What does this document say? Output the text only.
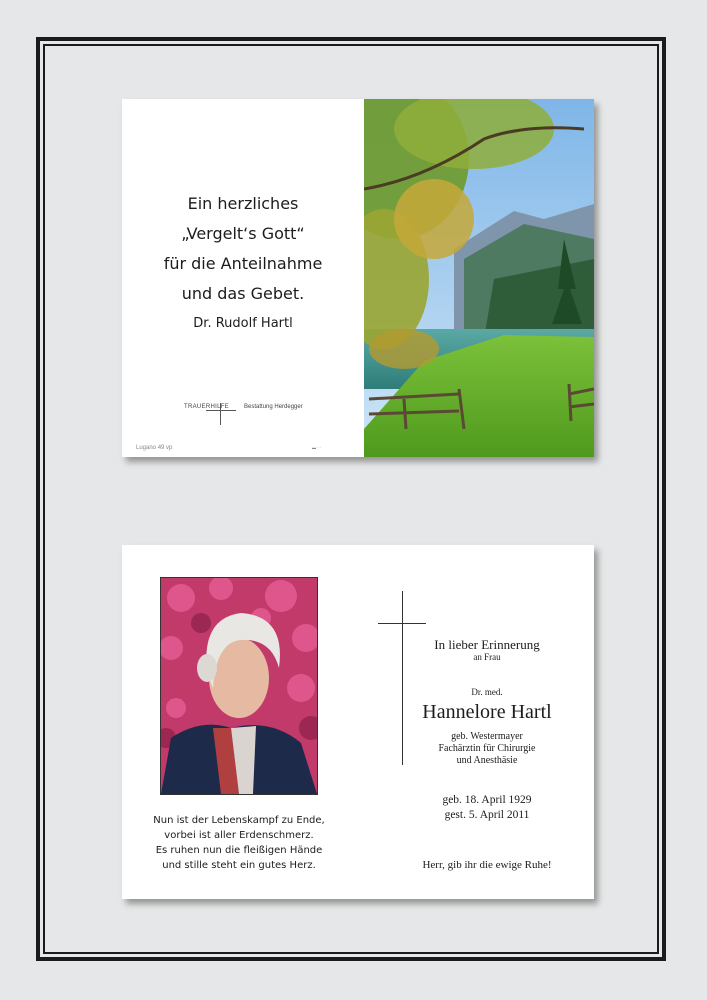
Ein herzliches
„Vergelt‘s Gott“
für die Anteilnahme
und das Gebet.
Dr. Rudolf Hartl
TRAUERHILFE	Bestattung Herdegger
Lugano 49 vp	▬ ···
Nun ist der Lebenskampf zu Ende,
vorbei ist aller Erdenschmerz.
Es ruhen nun die fleißigen Hände
und stille steht ein gutes Herz.
In lieber Erinnerung
an Frau
Dr. med.
Hannelore Hartl
geb. Westermayer
Fachärztin für Chirurgie
und Anesthäsie
geb. 18. April 1929
gest. 5. April 2011
Herr, gib ihr die ewige Ruhe!
